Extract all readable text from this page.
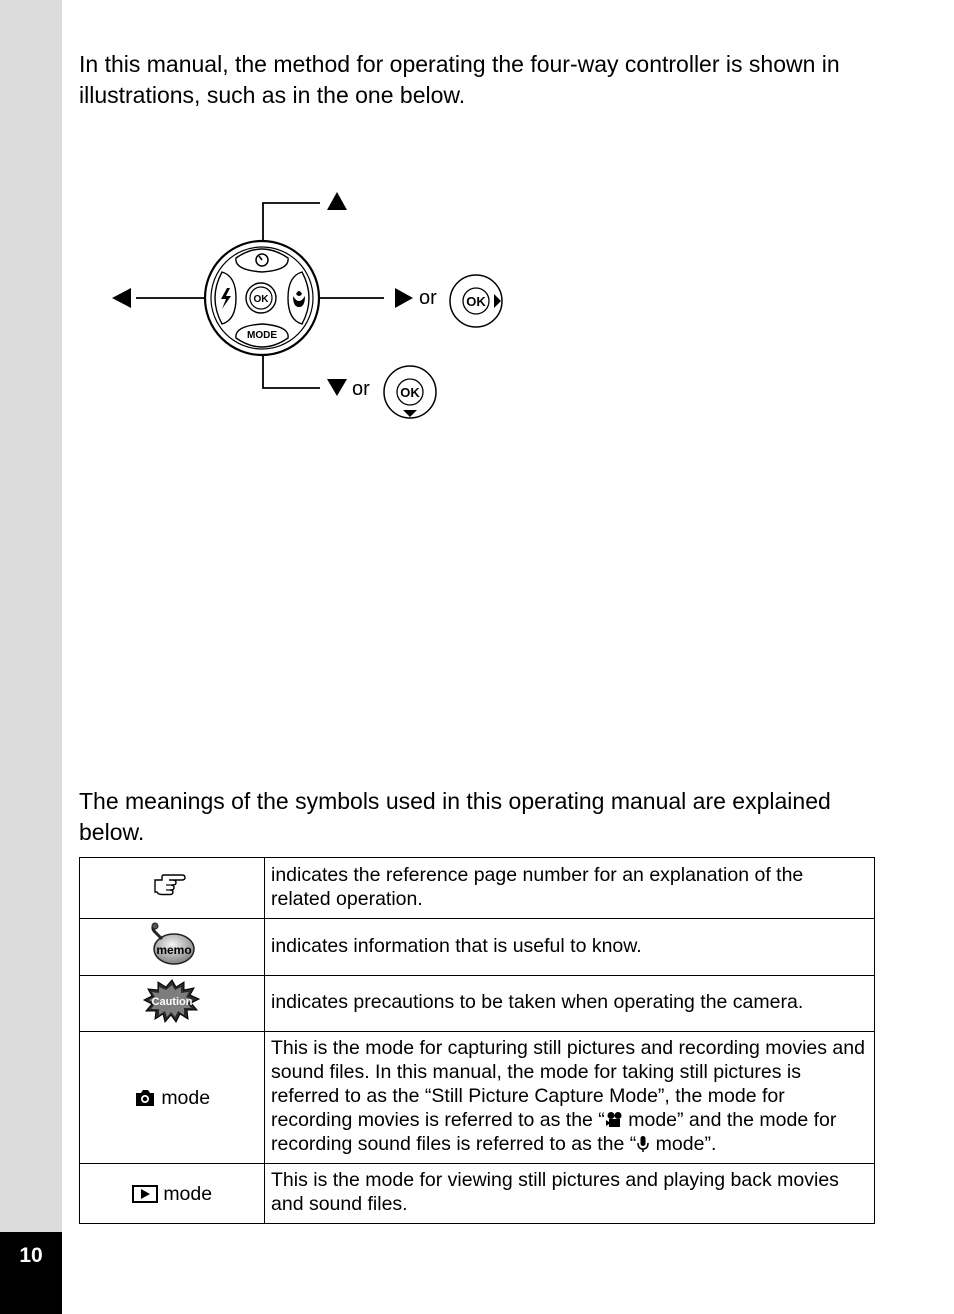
10

In this manual, the method for operating the four-way controller is shown in illustrations, such as in the one below.

OK
MODE
or
or
OK
OK

The meanings of the symbols used in this operating manual are explained below.

	indicates the reference page number for an explanation of the related operation.

memo	indicates information that is useful to know.

Caution	indicates precautions to be taken when operating the camera.
mode	This is the mode for capturing still pictures and recording movies and sound files. In this manual, the mode for taking still pictures is referred to as the “Still Picture Capture Mode”, the mode for recording movies is referred to as the “ mode” and the mode for recording sound files is referred to as the “ mode”.
mode	This is the mode for viewing still pictures and playing back movies and sound files.
